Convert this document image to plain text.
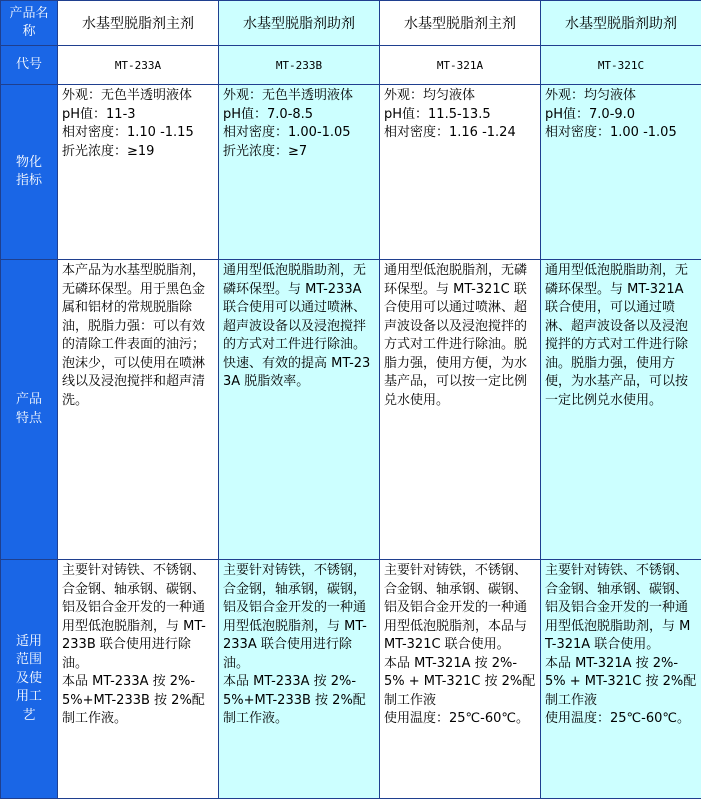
产品名称	水基型脱脂剂主剂	水基型脱脂剂助剂	水基型脱脂剂主剂	水基型脱脂剂助剂
代号	MT-233A	MT-233B	MT-321A	MT-321C
物化指标	外观：无色半透明液体
pH值：11-3
相对密度：1.10 -1.15
折光浓度：≥19	外观：无色半透明液体
pH值：7.0-8.5
相对密度：1.00-1.05
折光浓度：≥7	外观：均匀液体
pH值：11.5-13.5
相对密度：1.16 -1.24	外观：均匀液体
pH值：7.0-9.0
相对密度：1.00 -1.05

产品特点	本产品为水基型脱脂剂，无磷环保型。用于黑色金属和铝材的常规脱脂除油，脱脂力强：可以有效的清除工件表面的油污；泡沫少，可以使用在喷淋线以及浸泡搅拌和超声清洗。	通用型低泡脱脂助剂，无磷环保型。与 MT-233A 联合使用可以通过喷淋、超声波设备以及浸泡搅拌的方式对工件进行除油。快速、有效的提高 MT-233A 脱脂效率。	通用型低泡脱脂剂，无磷环保型。与 MT-321C 联合使用可以通过喷淋、超声波设备以及浸泡搅拌的方式对工件进行除油。脱脂力强，使用方便，为水基产品，可以按一定比例兑水使用。	通用型低泡脱脂助剂，无磷环保型。与 MT-321A 联合使用，可以通过喷淋、超声波设备以及浸泡搅拌的方式对工件进行除油。脱脂力强，使用方便，为水基产品，可以按一定比例兑水使用。

适用范围及使用工艺	主要针对铸铁、不锈钢、合金钢、轴承钢、碳钢、铝及铝合金开发的一种通用型低泡脱脂剂，与 MT-233B 联合使用进行除油。
本品 MT-233A 按 2%-5%+MT-233B 按 2%配制工作液。	主要针对铸铁，不锈钢，合金钢，轴承钢，碳钢，铝及铝合金开发的一种通用型低泡脱脂剂，与 MT-233A 联合使用进行除油。
本品 MT-233A 按 2%-5%+MT-233B 按 2%配制工作液。	主要针对铸铁，不锈钢、合金钢、轴承钢、碳钢、铝及铝合金开发的一种通用型低泡脱脂剂，本品与 MT-321C 联合使用。
本品 MT-321A 按 2%-5% + MT-321C 按 2%配制工作液
使用温度：25℃-60℃。	主要针对铸铁、不锈钢、合金钢、轴承钢、碳钢、铝及铝合金开发的一种通用型低泡脱脂助剂，与 MT-321A 联合使用。
本品 MT-321A 按 2%-5% + MT-321C 按 2%配制工作液
使用温度：25℃-60℃。
